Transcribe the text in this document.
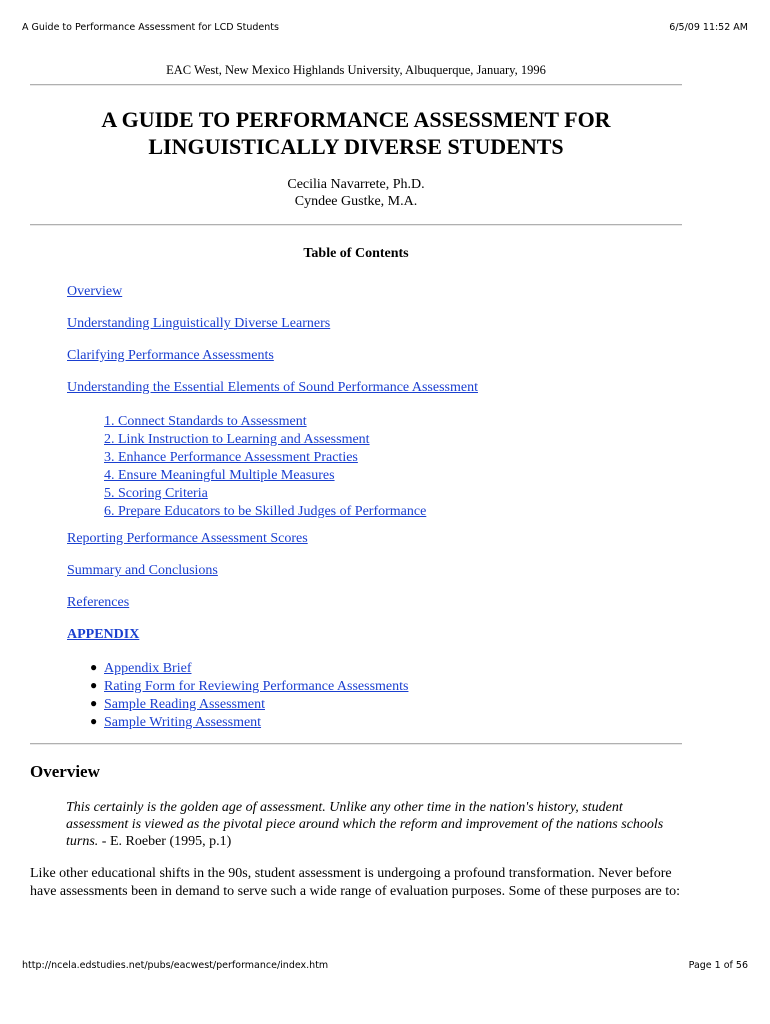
A Guide to Performance Assessment for LCD Students	6/5/09 11:52 AM
EAC West, New Mexico Highlands University, Albuquerque, January, 1996
A GUIDE TO PERFORMANCE ASSESSMENT FOR
LINGUISTICALLY DIVERSE STUDENTS
Cecilia Navarrete, Ph.D.
Cyndee Gustke, M.A.
Table of Contents
Overview
Understanding Linguistically Diverse Learners
Clarifying Performance Assessments
Understanding the Essential Elements of Sound Performance Assessment
1. Connect Standards to Assessment
2. Link Instruction to Learning and Assessment
3. Enhance Performance Assessment Practies
4. Ensure Meaningful Multiple Measures
5. Scoring Criteria
6. Prepare Educators to be Skilled Judges of Performance
Reporting Performance Assessment Scores
Summary and Conclusions
References
APPENDIX
● Appendix Brief
● Rating Form for Reviewing Performance Assessments
● Sample Reading Assessment
● Sample Writing Assessment
Overview

This certainly is the golden age of assessment. Unlike any other time in the nation's history, student assessment is viewed as the pivotal piece around which the reform and improvement of the nations schools turns. - E. Roeber (1995, p.1)

Like other educational shifts in the 90s, student assessment is undergoing a profound transformation. Never before have assessments been in demand to serve such a wide range of evaluation purposes. Some of these purposes are to:

http://ncela.edstudies.net/pubs/eacwest/performance/index.htm	Page 1 of 56
